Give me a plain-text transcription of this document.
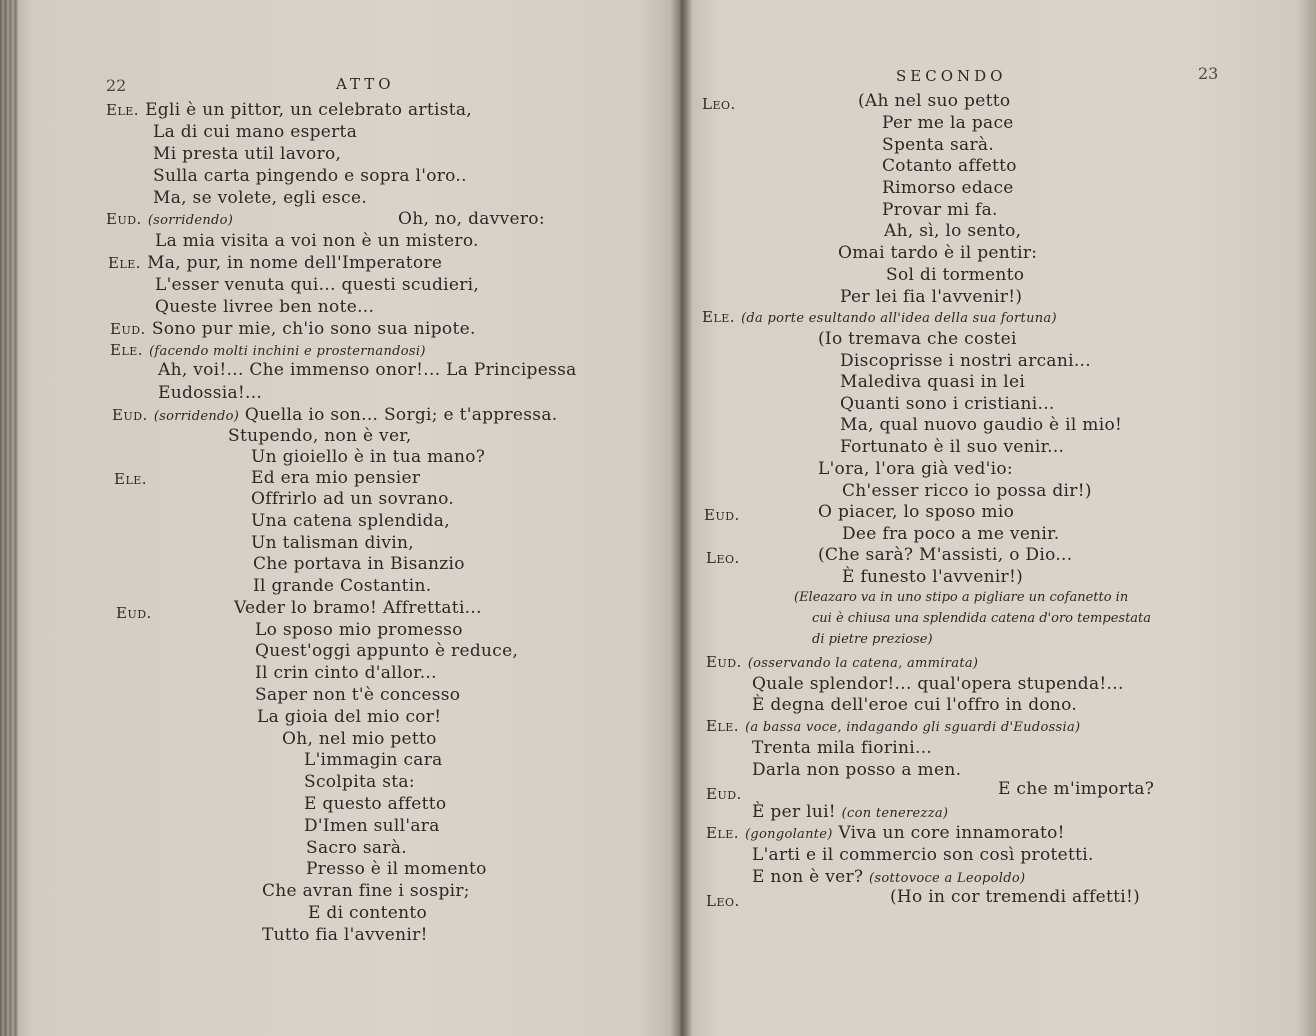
22	ATTO
Ele. Egli è un pittor, un celebrato artista,
La di cui mano esperta
Mi presta util lavoro,
Sulla carta pingendo e sopra l'oro..
Ma, se volete, egli esce.
Eud. (sorridendo)	Oh, no, davvero:
La mia visita a voi non è un mistero.
Ele. Ma, pur, in nome dell'Imperatore
L'esser venuta qui... questi scudieri,
Queste livree ben note...
Eud. Sono pur mie, ch'io sono sua nipote.
Ele. (facendo molti inchini e prosternandosi)
Ah, voi!... Che immenso onor!... La Principessa
Eudossia!...
Eud. (sorridendo) Quella io son... Sorgi; e t'appressa.
Stupendo, non è ver,
Un gioiello è in tua mano?
Ele.	Ed era mio pensier
Offrirlo ad un sovrano.
Una catena splendida,
Un talisman divin,
Che portava in Bisanzio
Il grande Costantin.
Eud.	Veder lo bramo! Affrettati...
Lo sposo mio promesso
Quest'oggi appunto è reduce,
Il crin cinto d'allor...
Saper non t'è concesso
La gioia del mio cor!
Oh, nel mio petto
L'immagin cara
Scolpita sta:
E questo affetto
D'Imen sull'ara
Sacro sarà.
Presso è il momento
Che avran fine i sospir;
E di contento
Tutto fia l'avvenir!
SECONDO	23
Leo.	(Ah nel suo petto
Per me la pace
Spenta sarà.
Cotanto affetto
Rimorso edace
Provar mi fa.
Ah, sì, lo sento,
Omai tardo è il pentir:
Sol di tormento
Per lei fia l'avvenir!)
Ele. (da porte esultando all'idea della sua fortuna)
(Io tremava che costei
Discoprisse i nostri arcani...
Malediva quasi in lei
Quanti sono i cristiani...
Ma, qual nuovo gaudio è il mio!
Fortunato è il suo venir...
L'ora, l'ora già ved'io:
Ch'esser ricco io possa dir!)
Eud.	O piacer, lo sposo mio
Dee fra poco a me venir.
Leo.	(Che sarà? M'assisti, o Dio...
È funesto l'avvenir!)
(Eleazaro va in uno stipo a pigliare un cofanetto in
cui è chiusa una splendida catena d'oro tempestata
di pietre preziose)
Eud. (osservando la catena, ammirata)
Quale splendor!... qual'opera stupenda!...
È degna dell'eroe cui l'offro in dono.
Ele. (a bassa voce, indagando gli sguardi d'Eudossia)
Trenta mila fiorini...
Darla non posso a men.
Eud.	E che m'importa?
È per lui! (con tenerezza)
Ele. (gongolante) Viva un core innamorato!
L'arti e il commercio son così protetti.
E non è ver? (sottovoce a Leopoldo)
Leo.	(Ho in cor tremendi affetti!)
